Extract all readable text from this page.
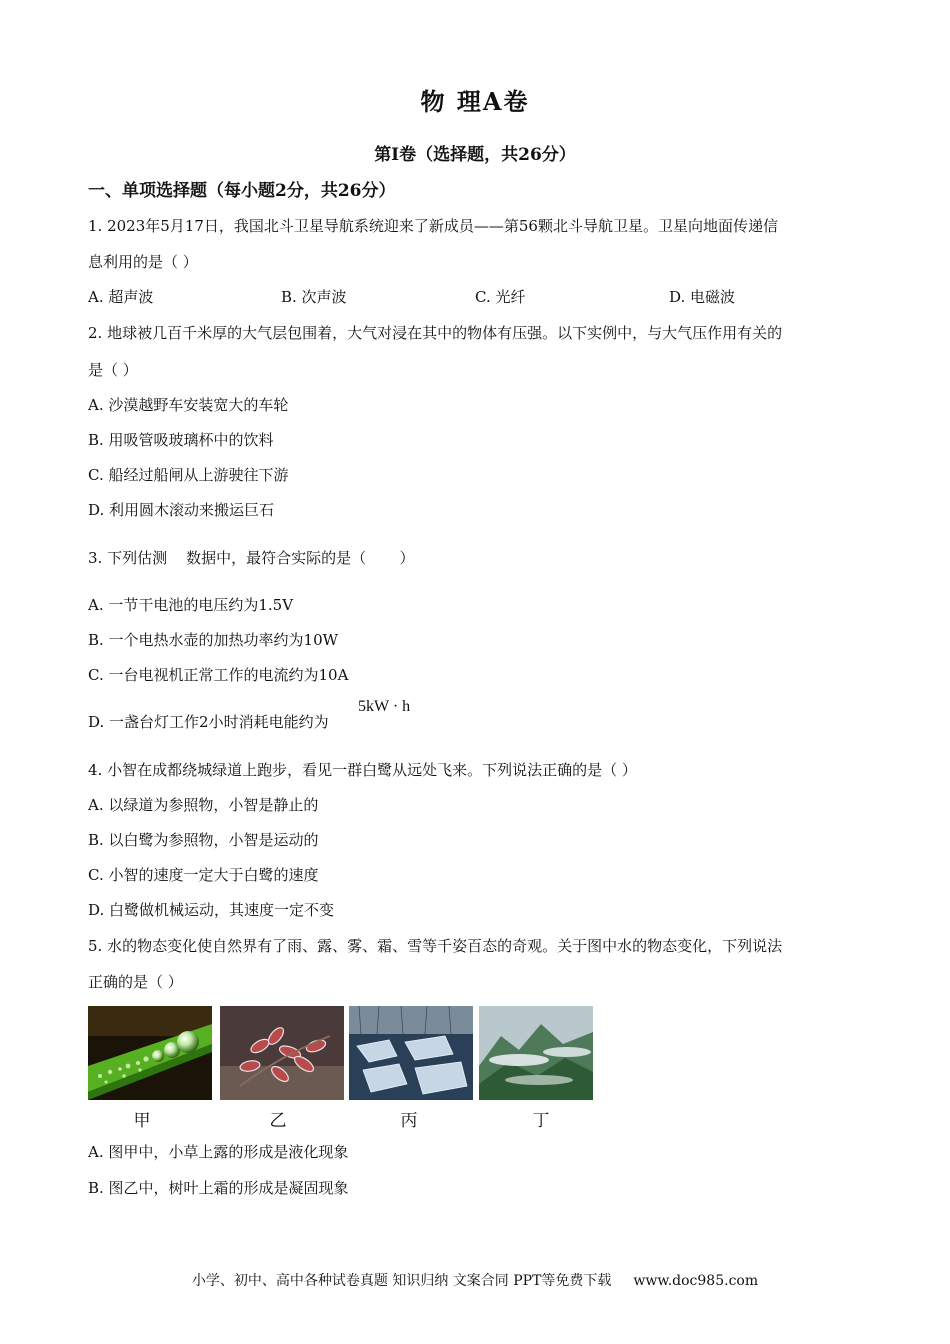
物 理A卷
第Ⅰ卷（选择题，共26分）
一、单项选择题（每小题2分，共26分）
1. 2023年5月17日，我国北斗卫星导航系统迎来了新成员——第56颗北斗导航卫星。卫星向地面传递信
息利用的是（ ）
A. 超声波	B. 次声波	C. 光纤	D. 电磁波
2. 地球被几百千米厚的大气层包围着，大气对浸在其中的物体有压强。以下实例中，与大气压作用有关的
是（ ）
A. 沙漠越野车安装宽大的车轮
B. 用吸管吸玻璃杯中的饮料
C. 船经过船闸从上游驶往下游
D. 利用圆木滚动来搬运巨石
3. 下列估测    数据中，最符合实际的是（       ）
A. 一节干电池的电压约为1.5V
B. 一个电热水壶的加热功率约为10W
C. 一台电视机正常工作的电流约为10A
D. 一盏台灯工作2小时消耗电能约为
5kW · h
4. 小智在成都绕城绿道上跑步，看见一群白鹭从远处飞来。下列说法正确的是（ ）
A. 以绿道为参照物，小智是静止的
B. 以白鹭为参照物，小智是运动的
C. 小智的速度一定大于白鹭的速度
D. 白鹭做机械运动，其速度一定不变
5. 水的物态变化使自然界有了雨、露、雾、霜、雪等千姿百态的奇观。关于图中水的物态变化，下列说法
正确的是（ ）
甲	乙	丙	丁
A. 图甲中，小草上露的形成是液化现象
B. 图乙中，树叶上霜的形成是凝固现象
小学、初中、高中各种试卷真题 知识归纳 文案合同 PPT等免费下载 www.doc985.com
